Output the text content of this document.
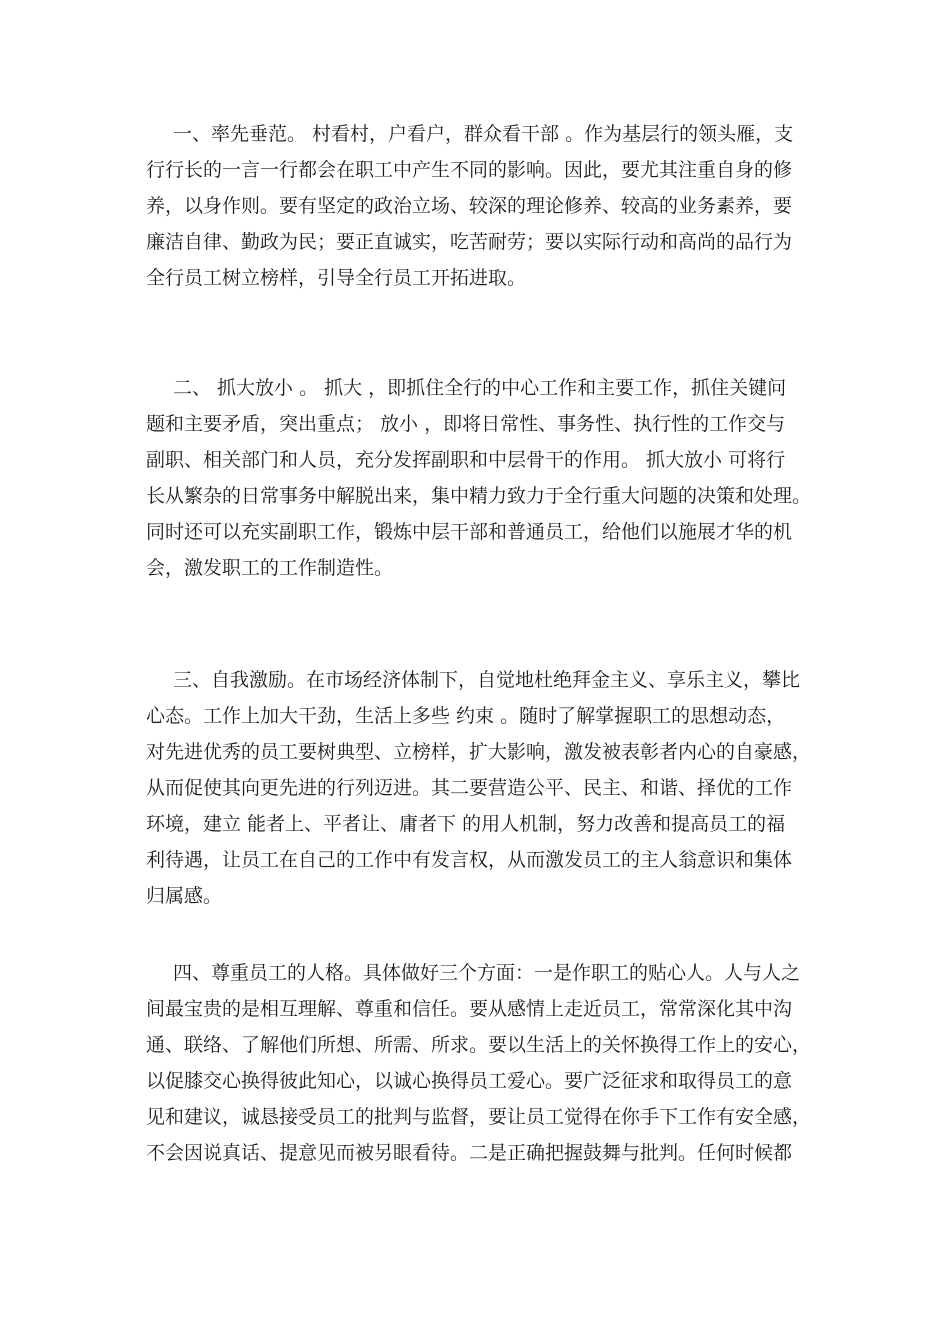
一、率先垂范。 村看村，户看户，群众看干部 。作为基层行的领头雁，支
行行长的一言一行都会在职工中产生不同的影响。因此，要尤其注重自身的修
养，以身作则。要有坚定的政治立场、较深的理论修养、较高的业务素养，要
廉洁自律、勤政为民；要正直诚实，吃苦耐劳；要以实际行动和高尚的品行为
全行员工树立榜样，引导全行员工开拓进取。

二、 抓大放小 。 抓大 ，即抓住全行的中心工作和主要工作，抓住关键问
题和主要矛盾，突出重点； 放小 ，即将日常性、事务性、执行性的工作交与
副职、相关部门和人员，充分发挥副职和中层骨干的作用。 抓大放小 可将行
长从繁杂的日常事务中解脱出来，集中精力致力于全行重大问题的决策和处理。
同时还可以充实副职工作，锻炼中层干部和普通员工，给他们以施展才华的机
会，激发职工的工作制造性。

三、自我激励。在市场经济体制下，自觉地杜绝拜金主义、享乐主义，攀比
心态。工作上加大干劲，生活上多些 约束 。随时了解掌握职工的思想动态，
对先进优秀的员工要树典型、立榜样，扩大影响，激发被表彰者内心的自豪感，
从而促使其向更先进的行列迈进。其二要营造公平、民主、和谐、择优的工作
环境，建立 能者上、平者让、庸者下 的用人机制，努力改善和提高员工的福
利待遇，让员工在自己的工作中有发言权，从而激发员工的主人翁意识和集体
归属感。

四、尊重员工的人格。具体做好三个方面：一是作职工的贴心人。人与人之
间最宝贵的是相互理解、尊重和信任。要从感情上走近员工，常常深化其中沟
通、联络、了解他们所想、所需、所求。要以生活上的关怀换得工作上的安心，
以促膝交心换得彼此知心，以诚心换得员工爱心。要广泛征求和取得员工的意
见和建议，诚恳接受员工的批判与监督，要让员工觉得在你手下工作有安全感，
不会因说真话、提意见而被另眼看待。二是正确把握鼓舞与批判。任何时候都
